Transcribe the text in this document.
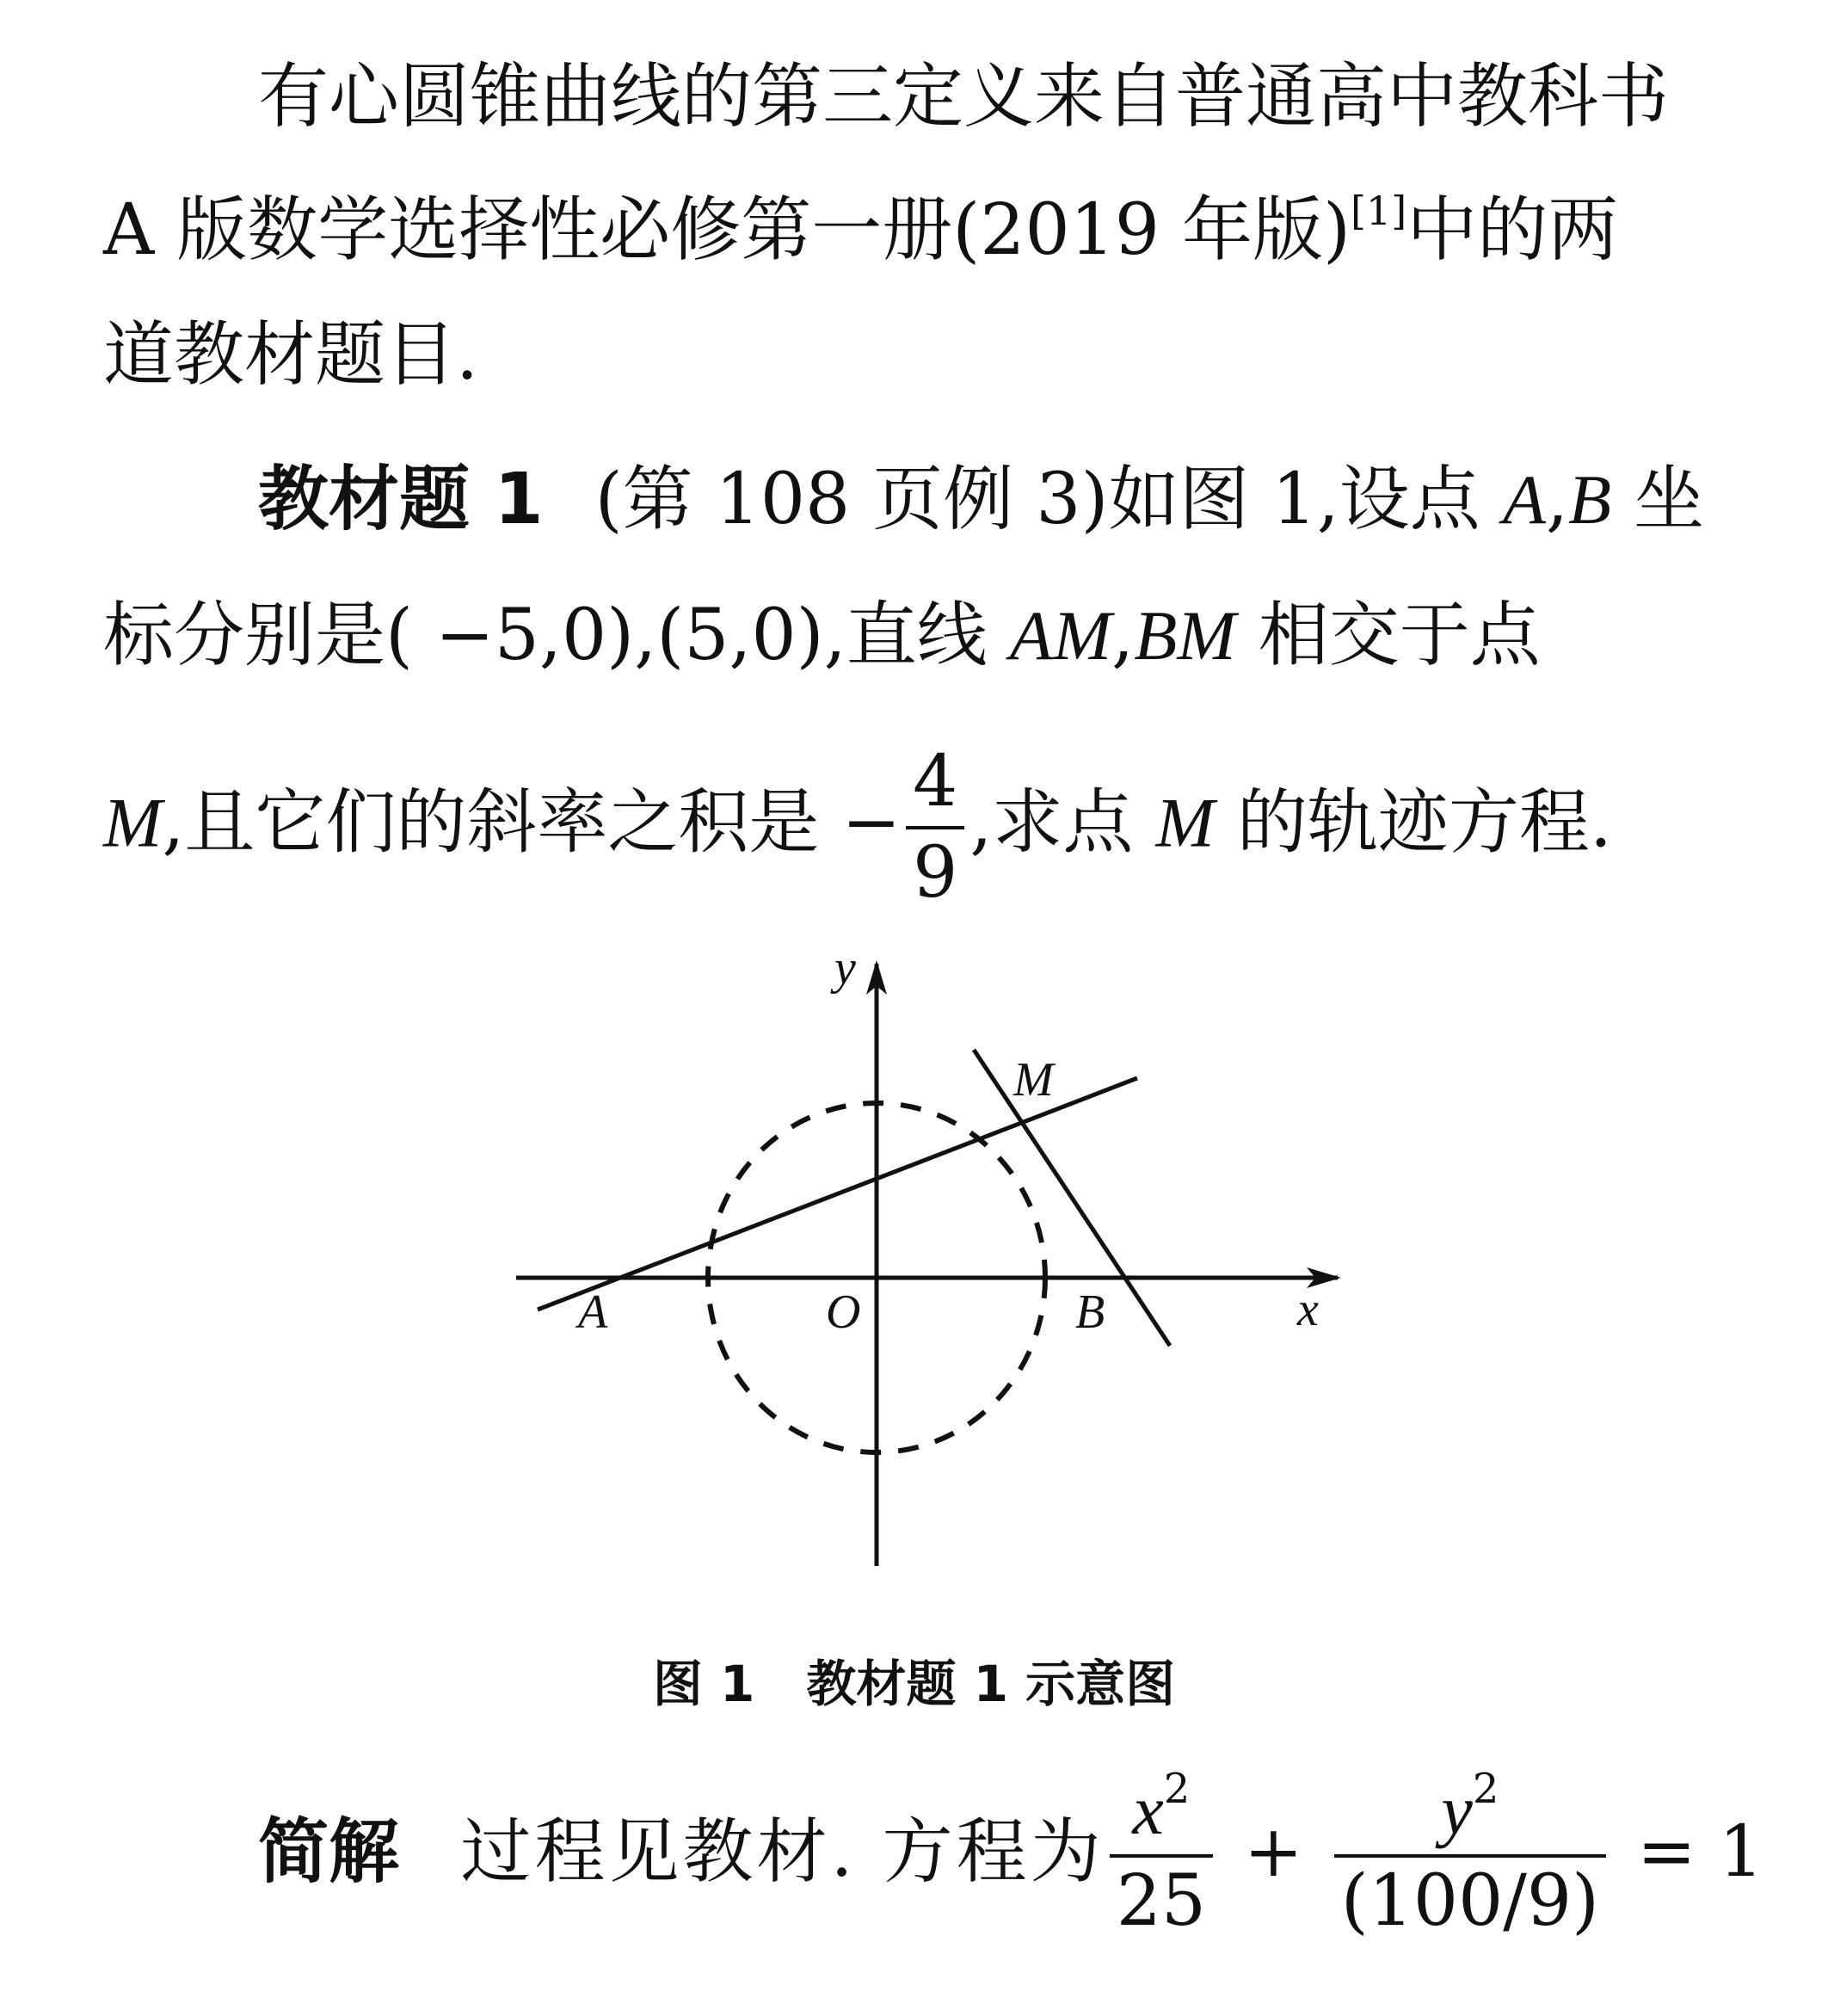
有心圆锥曲线的第三定义来自普通高中教科书
A 版数学选择性必修第一册(2019 年版)[1]中的两
道教材题目.
教材题 1 (第 108 页例 3)如图 1,设点 A,B 坐
标分别是( −5,0),(5,0),直线 AM,BM 相交于点
M,且它们的斜率之积是 − $\frac{4}{9}$ ,求点 M 的轨迹方程.
y
x
A	O	B
M
图 1 教材题 1 示意图
简解 过程见教材. 方程为 $\frac{x^2}{25} + \frac{y^2}{(100/9)} = 1$
